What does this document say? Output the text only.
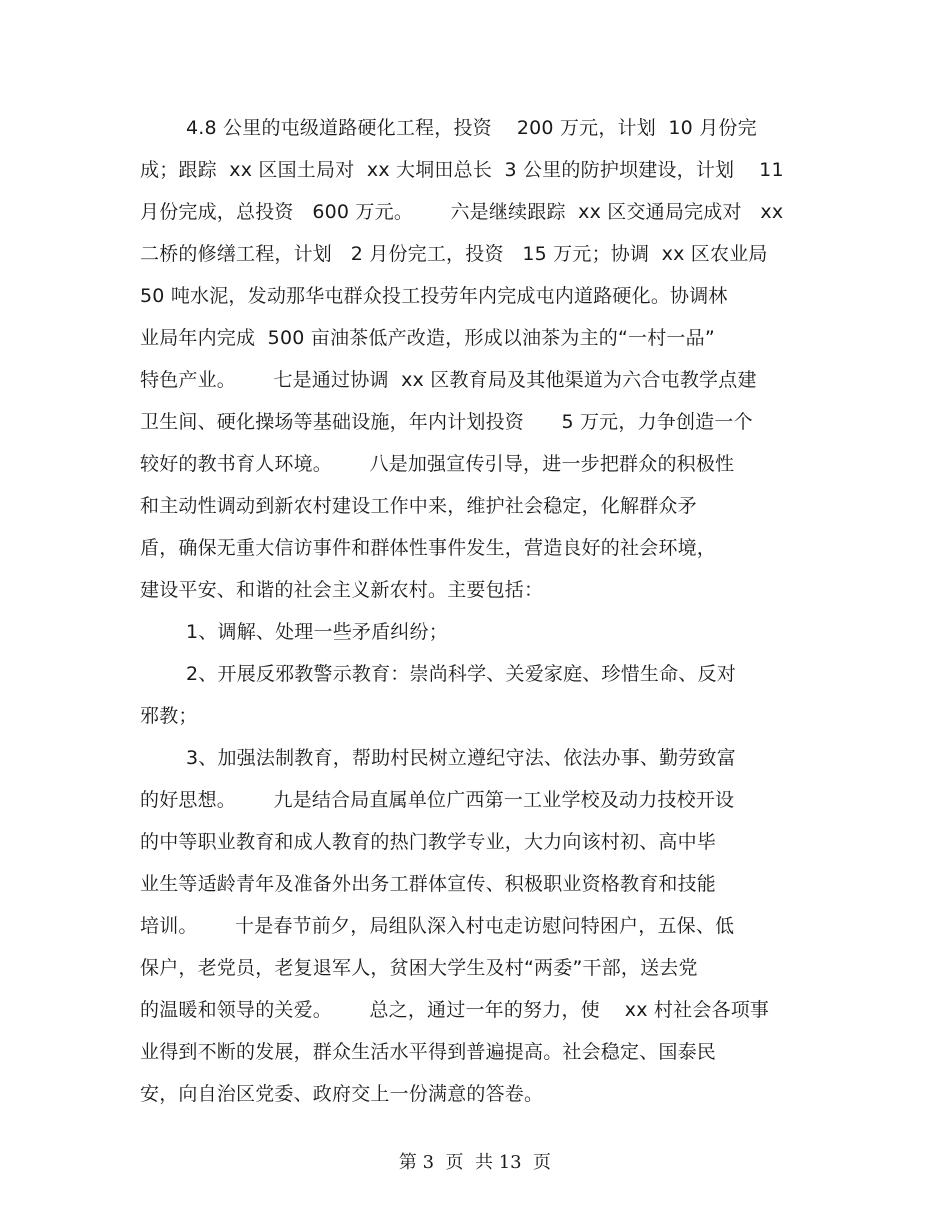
4.8 公里的屯级道路硬化工程，投资    200 万元，计划  10 月份完
成；跟踪  xx 区国土局对  xx 大垌田总长  3 公里的防护坝建设，计划    11
月份完成，总投资   600 万元。      六是继续跟踪  xx 区交通局完成对   xx
二桥的修缮工程，计划   2 月份完工，投资   15 万元；协调  xx 区农业局
50 吨水泥，发动那华屯群众投工投劳年内完成屯内道路硬化。协调林
业局年内完成  500 亩油茶低产改造，形成以油茶为主的“一村一品”
特色产业。      七是通过协调  xx 区教育局及其他渠道为六合屯教学点建
卫生间、硬化操场等基础设施，年内计划投资      5 万元，力争创造一个
较好的教书育人环境。      八是加强宣传引导，进一步把群众的积极性
和主动性调动到新农村建设工作中来，维护社会稳定，化解群众矛
盾，确保无重大信访事件和群体性事件发生，营造良好的社会环境，
建设平安、和谐的社会主义新农村。主要包括：
1、调解、处理一些矛盾纠纷；
2、开展反邪教警示教育：崇尚科学、关爱家庭、珍惜生命、反对
邪教；
3、加强法制教育，帮助村民树立遵纪守法、依法办事、勤劳致富
的好思想。      九是结合局直属单位广西第一工业学校及动力技校开设
的中等职业教育和成人教育的热门教学专业，大力向该村初、高中毕
业生等适龄青年及准备外出务工群体宣传、积极职业资格教育和技能
培训。      十是春节前夕，局组队深入村屯走访慰问特困户，五保、低
保户，老党员，老复退军人，贫困大学生及村“两委”干部，送去党
的温暖和领导的关爱。      总之，通过一年的努力，使    xx 村社会各项事
业得到不断的发展，群众生活水平得到普遍提高。社会稳定、国泰民
安，向自治区党委、政府交上一份满意的答卷。
第 3  页  共 13  页
